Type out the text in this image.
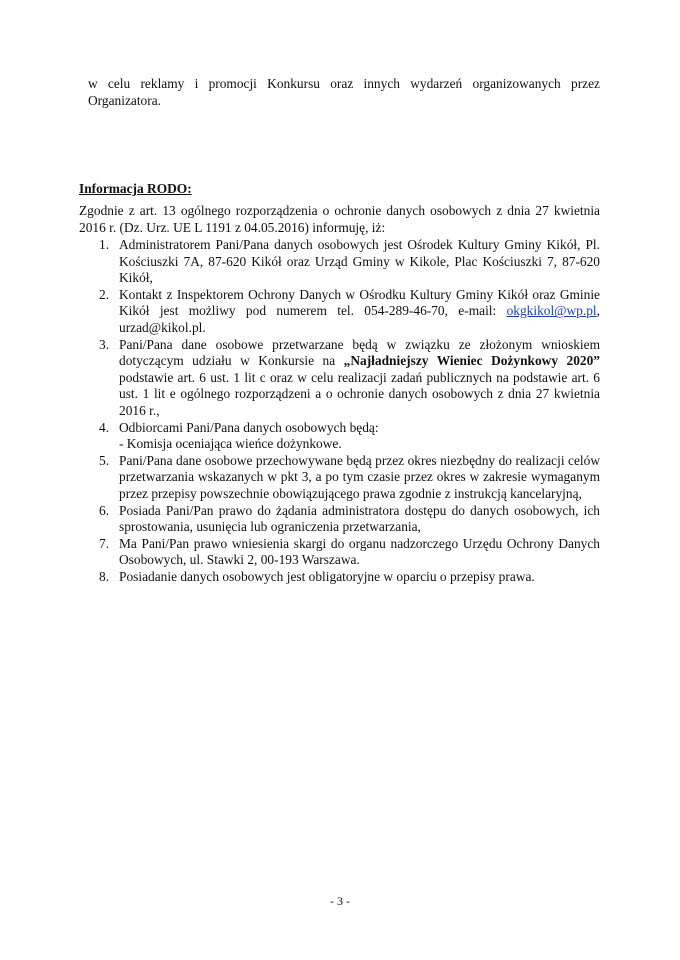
w celu reklamy i promocji Konkursu oraz innych wydarzeń organizowanych przez Organizatora.

Informacja RODO:

Zgodnie z art. 13 ogólnego rozporządzenia o ochronie danych osobowych z dnia 27 kwietnia 2016 r. (Dz. Urz. UE L 1191 z 04.05.2016) informuję, iż:

1. Administratorem Pani/Pana danych osobowych jest Ośrodek Kultury Gminy Kikół, Pl. Kościuszki 7A, 87-620 Kikół oraz Urząd Gminy w Kikole, Plac Kościuszki 7, 87-620 Kikół,
2. Kontakt z Inspektorem Ochrony Danych w Ośrodku Kultury Gminy Kikół oraz Gminie Kikół jest możliwy pod numerem tel. 054-289-46-70, e-mail: okgkikol@wp.pl, urzad@kikol.pl.
3. Pani/Pana dane osobowe przetwarzane będą w związku ze złożonym wnioskiem dotyczącym udziału w Konkursie na „Najładniejszy Wieniec Dożynkowy 2020” podstawie art. 6 ust. 1 lit c oraz w celu realizacji zadań publicznych na podstawie art. 6 ust. 1 lit e ogólnego rozporządzeni a o ochronie danych osobowych z dnia 27 kwietnia 2016 r.,
4. Odbiorcami Pani/Pana danych osobowych będą:
- Komisja oceniająca wieńce dożynkowe.
5. Pani/Pana dane osobowe przechowywane będą przez okres niezbędny do realizacji celów przetwarzania wskazanych w pkt 3, a po tym czasie przez okres w zakresie wymaganym przez przepisy powszechnie obowiązującego prawa zgodnie z instrukcją kancelaryjną,
6. Posiada Pani/Pan prawo do żądania administratora dostępu do danych osobowych, ich sprostowania, usunięcia lub ograniczenia przetwarzania,
7. Ma Pani/Pan prawo wniesienia skargi do organu nadzorczego Urzędu Ochrony Danych Osobowych, ul. Stawki 2, 00-193 Warszawa.
8. Posiadanie danych osobowych jest obligatoryjne w oparciu o przepisy prawa.
- 3 -
